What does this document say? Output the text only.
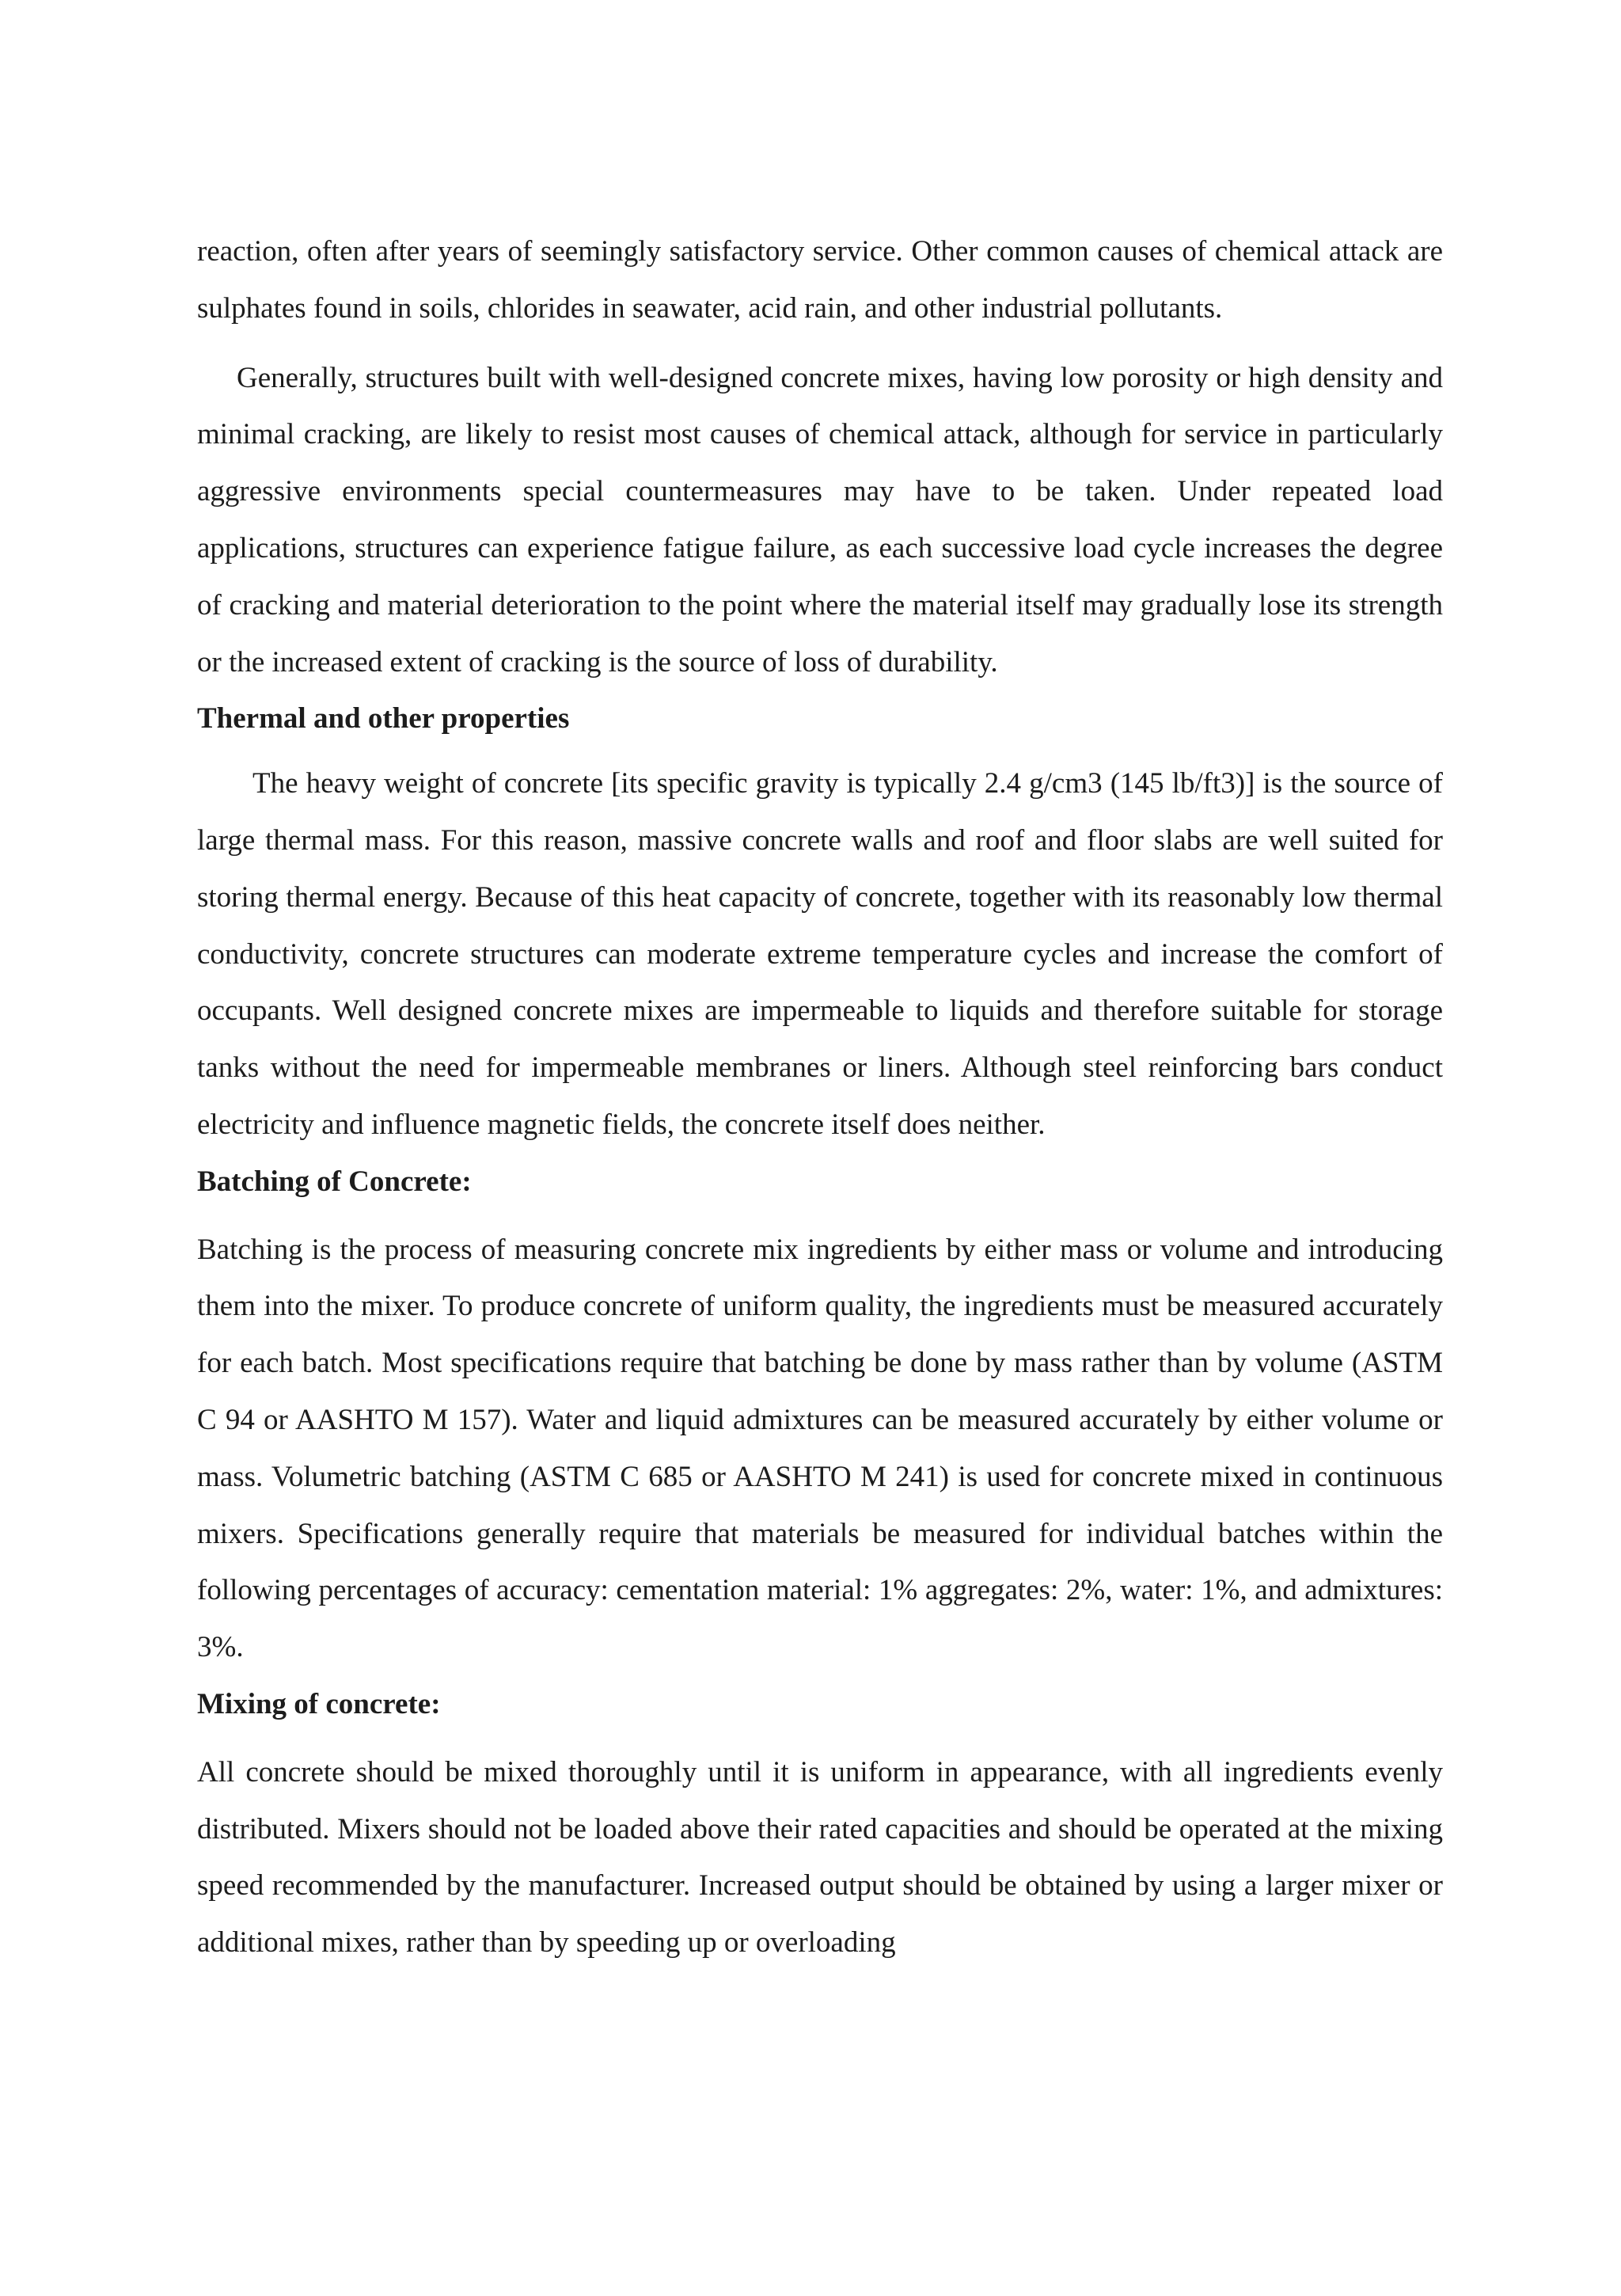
reaction, often after years of seemingly satisfactory service. Other common causes of chemical attack are sulphates found in soils, chlorides in seawater, acid rain, and other industrial pollutants.

Generally, structures built with well-designed concrete mixes, having low porosity or high density and minimal cracking, are likely to resist most causes of chemical attack, although for service in particularly aggressive environments special countermeasures may have to be taken. Under repeated load applications, structures can experience fatigue failure, as each successive load cycle increases the degree of cracking and material deterioration to the point where the material itself may gradually lose its strength or the increased extent of cracking is the source of loss of durability.

Thermal and other properties

The heavy weight of concrete [its specific gravity is typically 2.4 g/cm3 (145 lb/ft3)] is the source of large thermal mass. For this reason, massive concrete walls and roof and floor slabs are well suited for storing thermal energy. Because of this heat capacity of concrete, together with its reasonably low thermal conductivity, concrete structures can moderate extreme temperature cycles and increase the comfort of occupants. Well designed concrete mixes are impermeable to liquids and therefore suitable for storage tanks without the need for impermeable membranes or liners. Although steel reinforcing bars conduct electricity and influence magnetic fields, the concrete itself does neither.

Batching of Concrete:

Batching is the process of measuring concrete mix ingredients by either mass or volume and introducing them into the mixer. To produce concrete of uniform quality, the ingredients must be measured accurately for each batch. Most specifications require that batching be done by mass rather than by volume (ASTM C 94 or AASHTO M 157). Water and liquid admixtures can be measured accurately by either volume or mass. Volumetric batching (ASTM C 685 or AASHTO M 241) is used for concrete mixed in continuous mixers. Specifications generally require that materials be measured for individual batches within the following percentages of accuracy: cementation material: 1% aggregates: 2%, water: 1%, and admixtures: 3%.

Mixing of concrete:

All concrete should be mixed thoroughly until it is uniform in appearance, with all ingredients evenly distributed. Mixers should not be loaded above their rated capacities and should be operated at the mixing speed recommended by the manufacturer. Increased output should be obtained by using a larger mixer or additional mixes, rather than by speeding up or overloading
